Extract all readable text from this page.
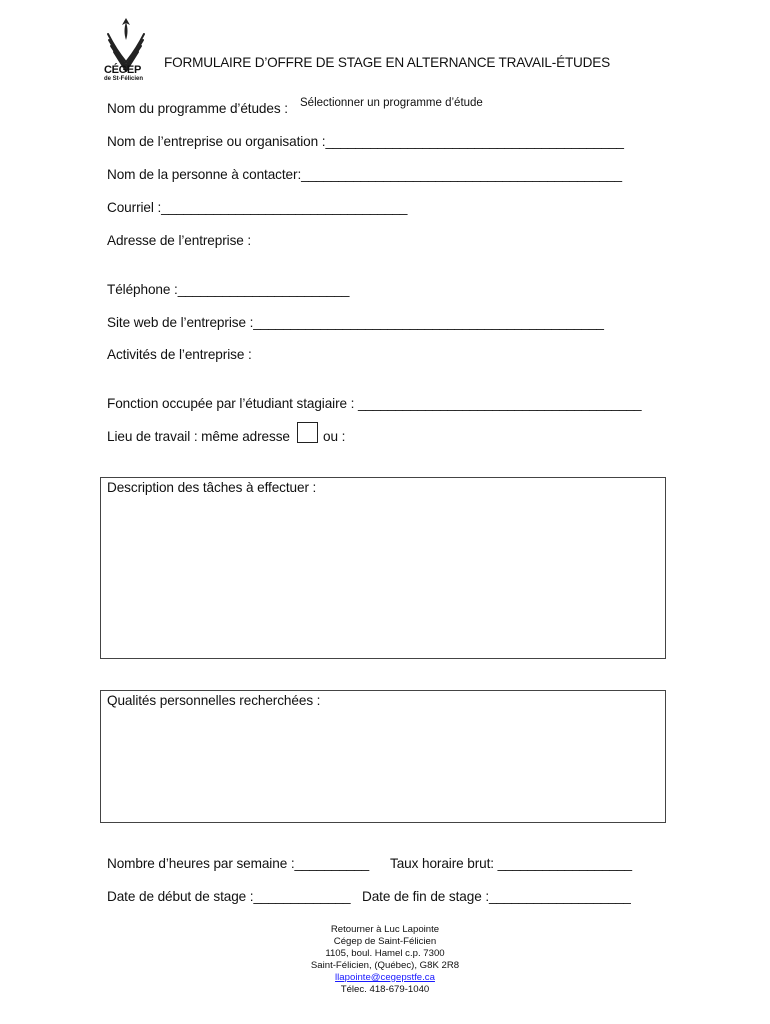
CÉGEP
de St-Félicien
FORMULAIRE D’OFFRE DE STAGE EN ALTERNANCE TRAVAIL-ÉTUDES
Nom du programme d’études : Sélectionner un programme d’étude
Nom de l’entreprise ou organisation :________________________________________
Nom de la personne à contacter:___________________________________________
Courriel :_________________________________
Adresse de l’entreprise :
Téléphone :_______________________
Site web de l’entreprise :_______________________________________________
Activités de l’entreprise :
Fonction occupée par l’étudiant stagiaire : ______________________________________
Lieu de travail : même adresse ou :
Description des tâches à effectuer :
Qualités personnelles recherchées :
Nombre d’heures par semaine :__________ Taux horaire brut: __________________
Date de début de stage :_____________ Date de fin de stage :___________________
Retourner à Luc Lapointe
Cégep de Saint-Félicien
1105, boul. Hamel c.p. 7300
Saint-Félicien, (Québec), G8K 2R8
llapointe@cegepstfe.ca
Télec. 418-679-1040
